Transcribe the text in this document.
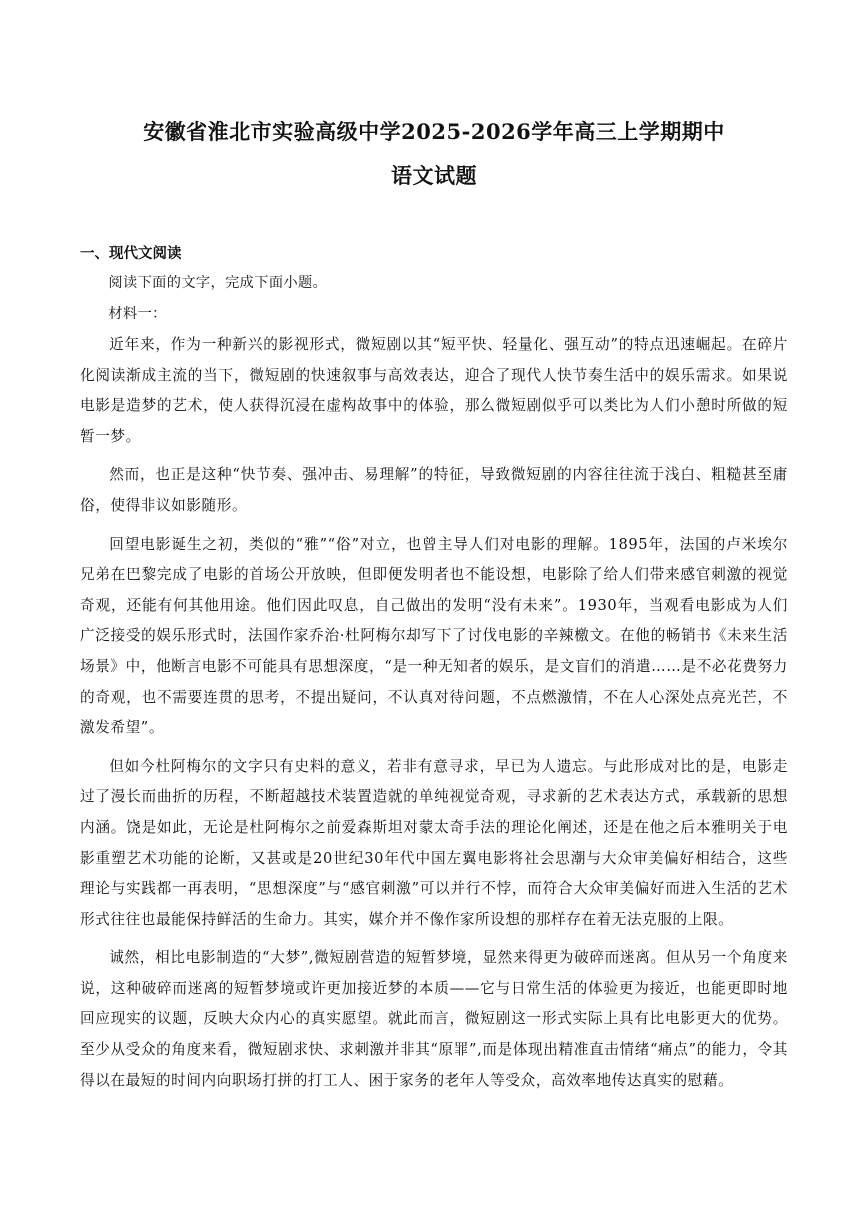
安徽省淮北市实验高级中学2025-2026学年高三上学期期中
语文试题
一、现代文阅读

阅读下面的文字，完成下面小题。

材料一：

近年来，作为一种新兴的影视形式，微短剧以其“短平快、轻量化、强互动”的特点迅速崛起。在碎片化阅读渐成主流的当下，微短剧的快速叙事与高效表达，迎合了现代人快节奏生活中的娱乐需求。如果说电影是造梦的艺术，使人获得沉浸在虚构故事中的体验，那么微短剧似乎可以类比为人们小憩时所做的短暂一梦。

然而，也正是这种“快节奏、强冲击、易理解”的特征，导致微短剧的内容往往流于浅白、粗糙甚至庸俗，使得非议如影随形。

回望电影诞生之初，类似的“雅”“俗”对立，也曾主导人们对电影的理解。1895年，法国的卢米埃尔兄弟在巴黎完成了电影的首场公开放映，但即便发明者也不能设想，电影除了给人们带来感官刺激的视觉奇观，还能有何其他用途。他们因此叹息，自己做出的发明“没有未来”。1930年，当观看电影成为人们广泛接受的娱乐形式时，法国作家乔治·杜阿梅尔却写下了讨伐电影的辛辣檄文。在他的畅销书《未来生活场景》中，他断言电影不可能具有思想深度，“是一种无知者的娱乐，是文盲们的消遣……是不必花费努力的奇观，也不需要连贯的思考，不提出疑问，不认真对待问题，不点燃激情，不在人心深处点亮光芒，不激发希望”。

但如今杜阿梅尔的文字只有史料的意义，若非有意寻求，早已为人遗忘。与此形成对比的是，电影走过了漫长而曲折的历程，不断超越技术装置造就的单纯视觉奇观，寻求新的艺术表达方式，承载新的思想内涵。饶是如此，无论是杜阿梅尔之前爱森斯坦对蒙太奇手法的理论化阐述，还是在他之后本雅明关于电影重塑艺术功能的论断，又甚或是20世纪30年代中国左翼电影将社会思潮与大众审美偏好相结合，这些理论与实践都一再表明，“思想深度”与“感官刺激”可以并行不悖，而符合大众审美偏好而进入生活的艺术形式往往也最能保持鲜活的生命力。其实，媒介并不像作家所设想的那样存在着无法克服的上限。

诚然，相比电影制造的“大梦”,微短剧营造的短暂梦境，显然来得更为破碎而迷离。但从另一个角度来说，这种破碎而迷离的短暂梦境或许更加接近梦的本质——它与日常生活的体验更为接近，也能更即时地回应现实的议题，反映大众内心的真实愿望。就此而言，微短剧这一形式实际上具有比电影更大的优势。至少从受众的角度来看，微短剧求快、求刺激并非其“原罪”,而是体现出精准直击情绪“痛点”的能力，令其得以在最短的时间内向职场打拼的打工人、困于家务的老年人等受众，高效率地传达真实的慰藉。
